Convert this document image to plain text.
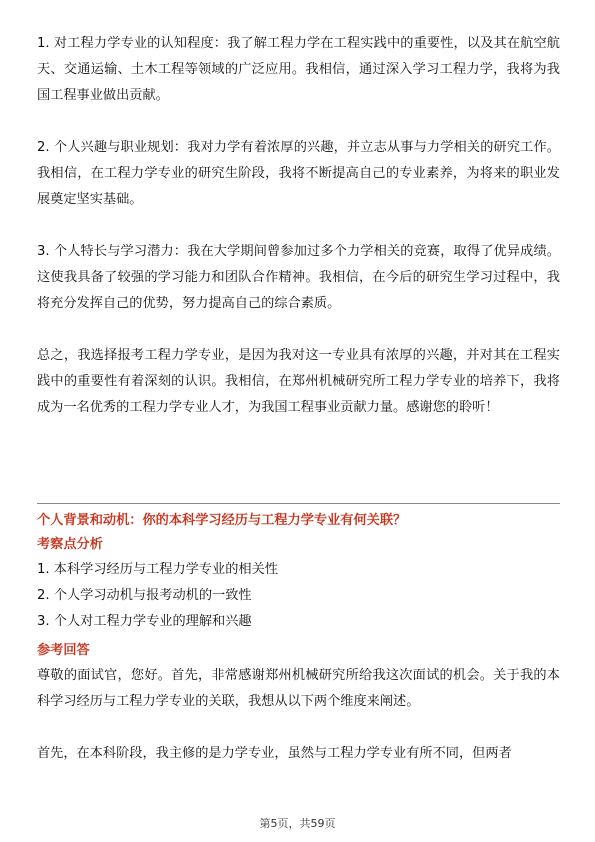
1. 对工程力学专业的认知程度：我了解工程力学在工程实践中的重要性，以及其在航空航天、交通运输、土木工程等领域的广泛应用。我相信，通过深入学习工程力学，我将为我国工程事业做出贡献。

2. 个人兴趣与职业规划：我对力学有着浓厚的兴趣，并立志从事与力学相关的研究工作。我相信，在工程力学专业的研究生阶段，我将不断提高自己的专业素养，为将来的职业发展奠定坚实基础。

3. 个人特长与学习潜力：我在大学期间曾参加过多个力学相关的竞赛，取得了优异成绩。这使我具备了较强的学习能力和团队合作精神。我相信，在今后的研究生学习过程中，我将充分发挥自己的优势，努力提高自己的综合素质。

总之，我选择报考工程力学专业，是因为我对这一专业具有浓厚的兴趣，并对其在工程实践中的重要性有着深刻的认识。我相信，在郑州机械研究所工程力学专业的培养下，我将成为一名优秀的工程力学专业人才，为我国工程事业贡献力量。感谢您的聆听！

个人背景和动机：你的本科学习经历与工程力学专业有何关联？

考察点分析

1. 本科学习经历与工程力学专业的相关性

2. 个人学习动机与报考动机的一致性

3. 个人对工程力学专业的理解和兴趣

参考回答

尊敬的面试官，您好。首先，非常感谢郑州机械研究所给我这次面试的机会。关于我的本科学习经历与工程力学专业的关联，我想从以下两个维度来阐述。

首先，在本科阶段，我主修的是力学专业，虽然与工程力学专业有所不同，但两者

第5页，共59页
